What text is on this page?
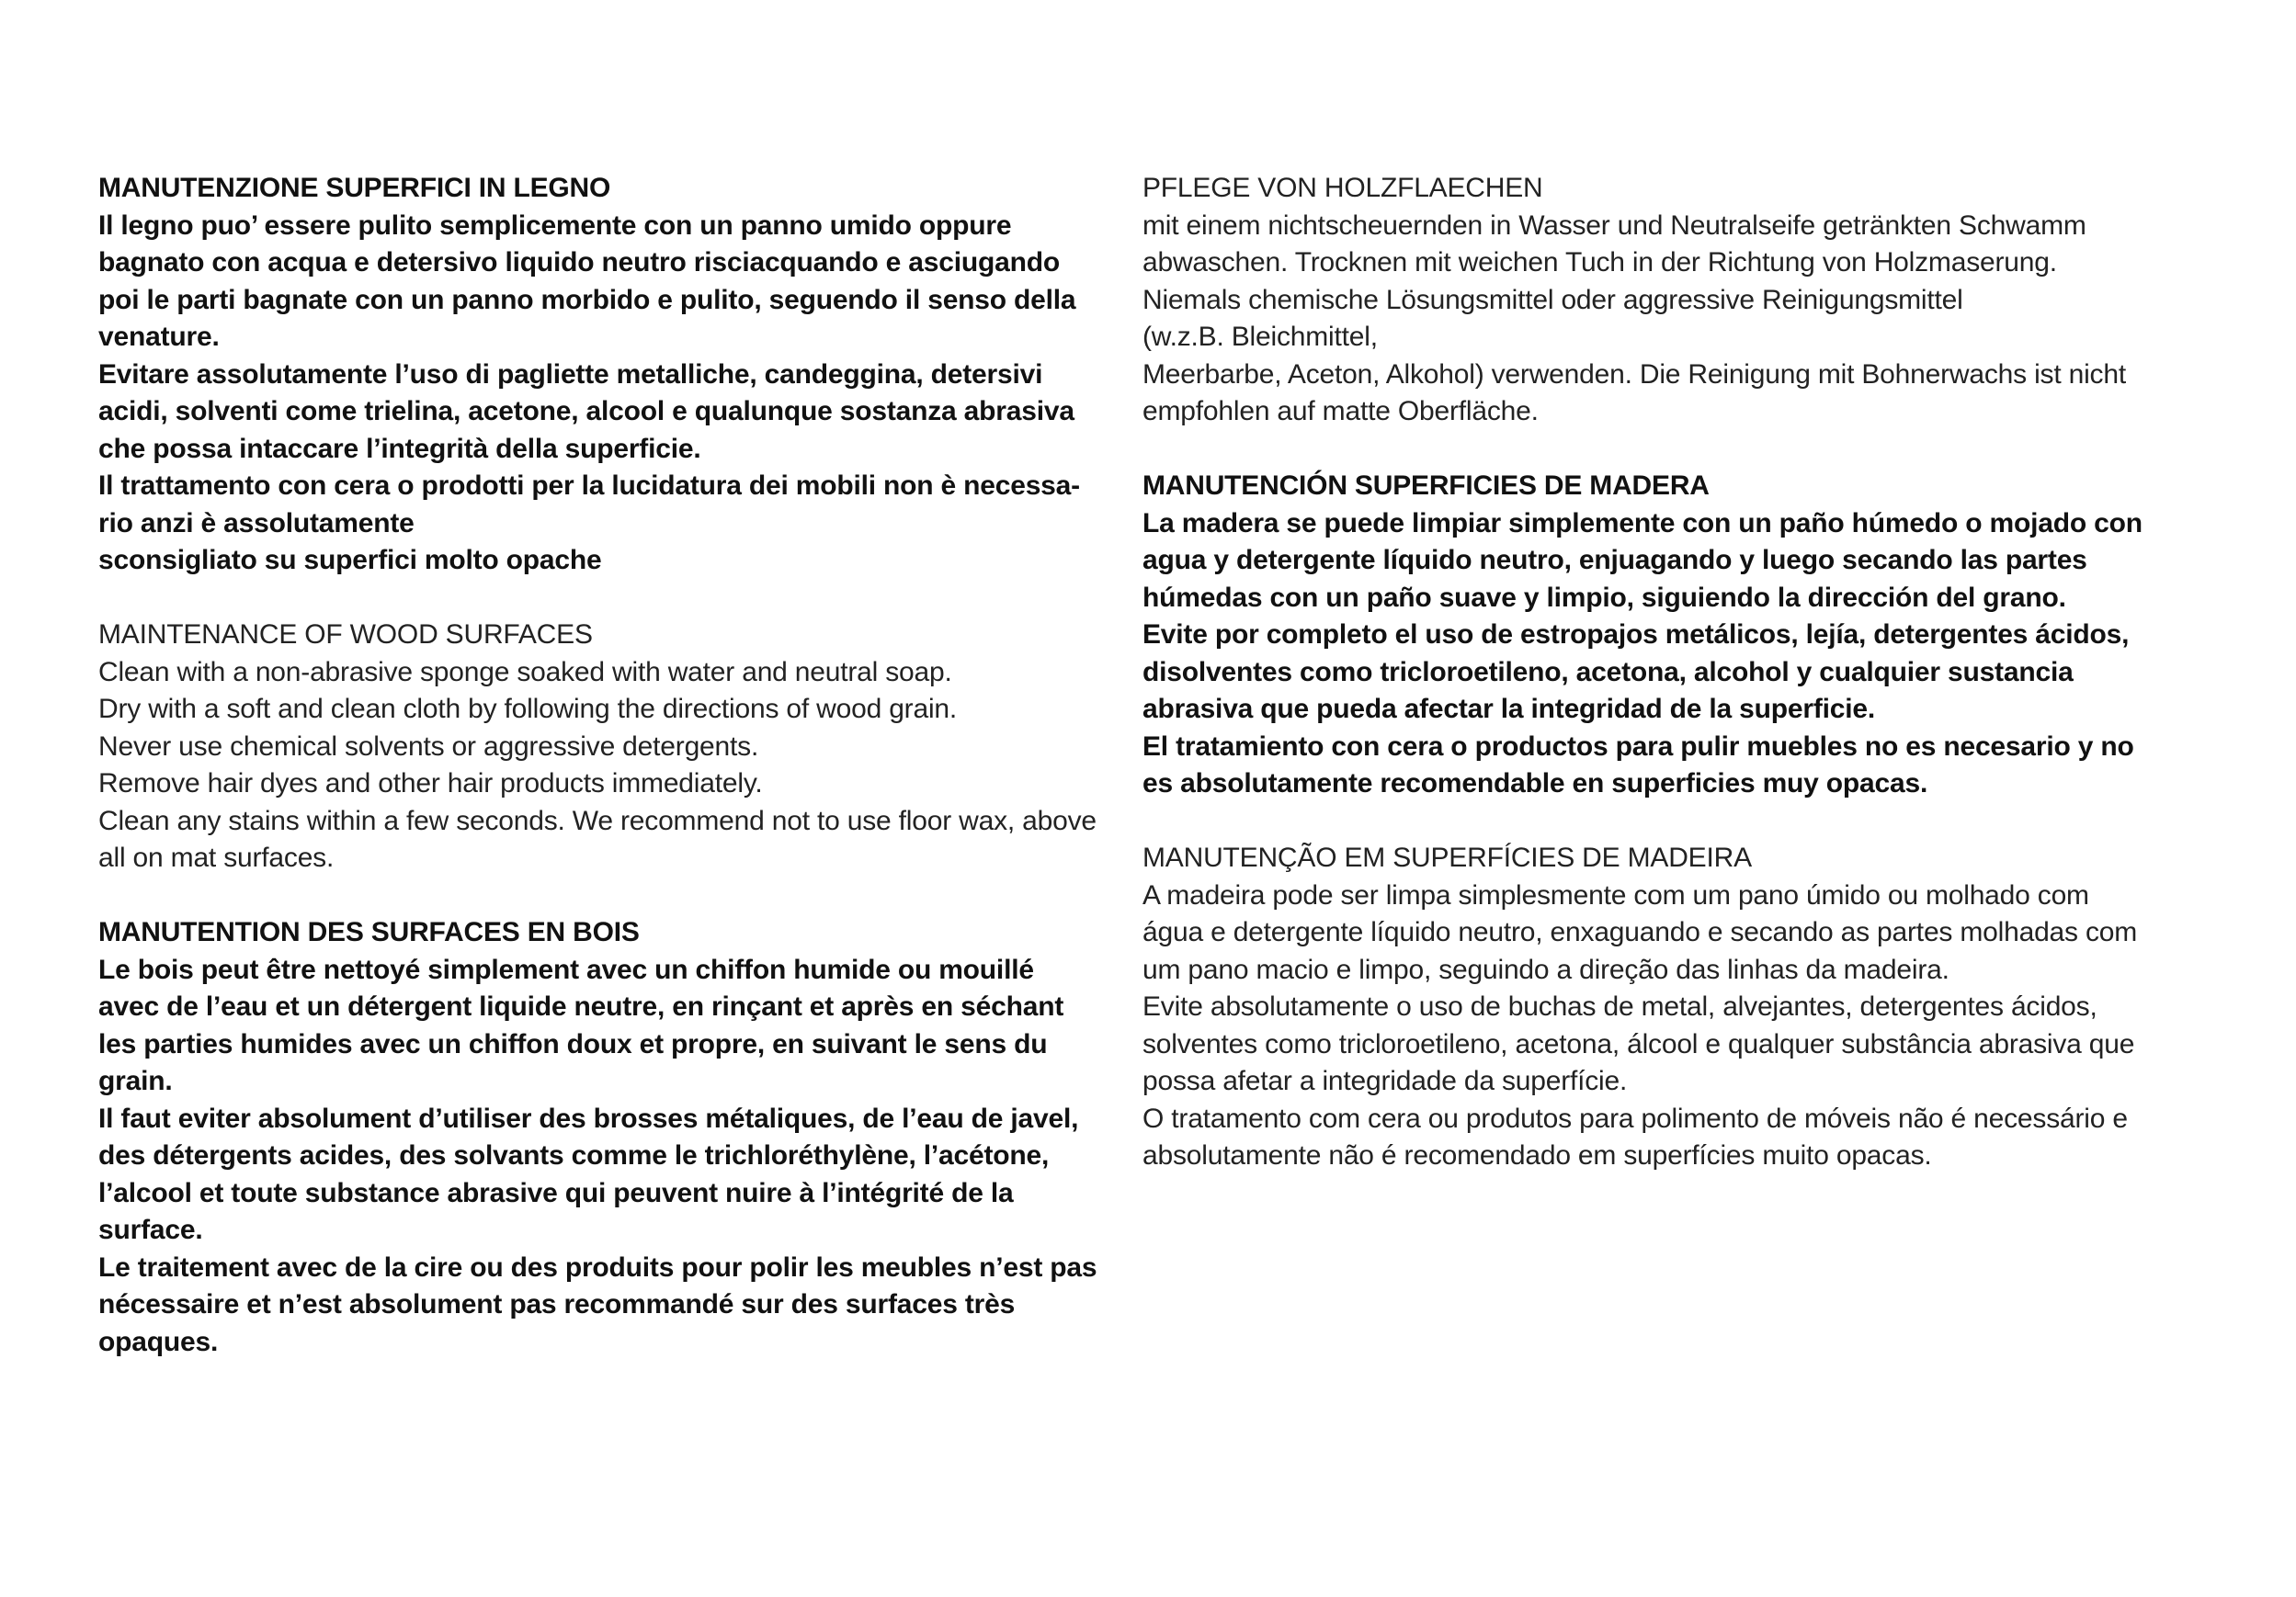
MANUTENZIONE SUPERFICI IN LEGNO
Il legno puo’ essere pulito semplicemente con un panno umido oppure
bagnato con acqua e detersivo liquido neutro risciacquando e asciugando
poi le parti bagnate con un panno morbido e pulito, seguendo il senso della
venature.
Evitare assolutamente l’uso di pagliette metalliche, candeggina, detersivi
acidi, solventi come trielina, acetone, alcool e qualunque sostanza abrasiva
che possa intaccare l’integrità della superficie.
Il trattamento con cera o prodotti per la lucidatura dei mobili non è necessa-
rio anzi è assolutamente
sconsigliato su superfici molto opache
MAINTENANCE OF WOOD SURFACES
Clean with a non-abrasive sponge soaked with water and neutral soap.
Dry with a soft and clean cloth by following the directions of wood grain.
Never use chemical solvents or aggressive detergents.
Remove hair dyes and other hair products immediately.
Clean any stains within a few seconds. We recommend not to use floor wax, above
all on mat surfaces.
MANUTENTION DES SURFACES EN BOIS
Le bois peut être nettoyé simplement avec un chiffon humide ou mouillé
avec de l’eau et un détergent liquide neutre, en rinçant et après en séchant
les parties humides avec un chiffon doux et propre, en suivant le sens du
grain.
Il faut eviter absolument d’utiliser des brosses métaliques, de l’eau de javel,
des détergents acides, des solvants comme le trichloréthylène, l’acétone,
l’alcool et toute substance abrasive qui peuvent nuire à l’intégrité de la
surface.
Le traitement avec de la cire ou des produits pour polir les meubles n’est pas
nécessaire et n’est absolument pas recommandé sur des surfaces très
opaques.
PFLEGE VON HOLZFLAECHEN
mit einem nichtscheuernden in Wasser und Neutralseife getränkten Schwamm
abwaschen. Trocknen mit weichen Tuch in der Richtung von Holzmaserung.
Niemals chemische Lösungsmittel oder aggressive Reinigungsmittel
(w.z.B. Bleichmittel,
Meerbarbe, Aceton, Alkohol) verwenden. Die Reinigung mit Bohnerwachs ist nicht
empfohlen auf matte Oberfläche.
MANUTENCIÓN SUPERFICIES DE MADERA
La madera se puede limpiar simplemente con un paño húmedo o mojado con
agua y detergente líquido neutro, enjuagando y luego secando las partes
húmedas con un paño suave y limpio, siguiendo la dirección del grano.
Evite por completo el uso de estropajos metálicos, lejía, detergentes ácidos,
disolventes como tricloroetileno, acetona, alcohol y cualquier sustancia
abrasiva que pueda afectar la integridad de la superficie.
El tratamiento con cera o productos para pulir muebles no es necesario y no
es absolutamente recomendable en superficies muy opacas.
MANUTENÇÃO EM SUPERFÍCIES DE MADEIRA
A madeira pode ser limpa simplesmente com um pano úmido ou molhado com
água e detergente líquido neutro, enxaguando e secando as partes molhadas com
um pano macio e limpo, seguindo a direção das linhas da madeira.
Evite absolutamente o uso de buchas de metal, alvejantes, detergentes ácidos,
solventes como tricloroetileno, acetona, álcool e qualquer substância abrasiva que
possa afetar a integridade da superfície.
O tratamento com cera ou produtos para polimento de móveis não é necessário e
absolutamente não é recomendado em superfícies muito opacas.
